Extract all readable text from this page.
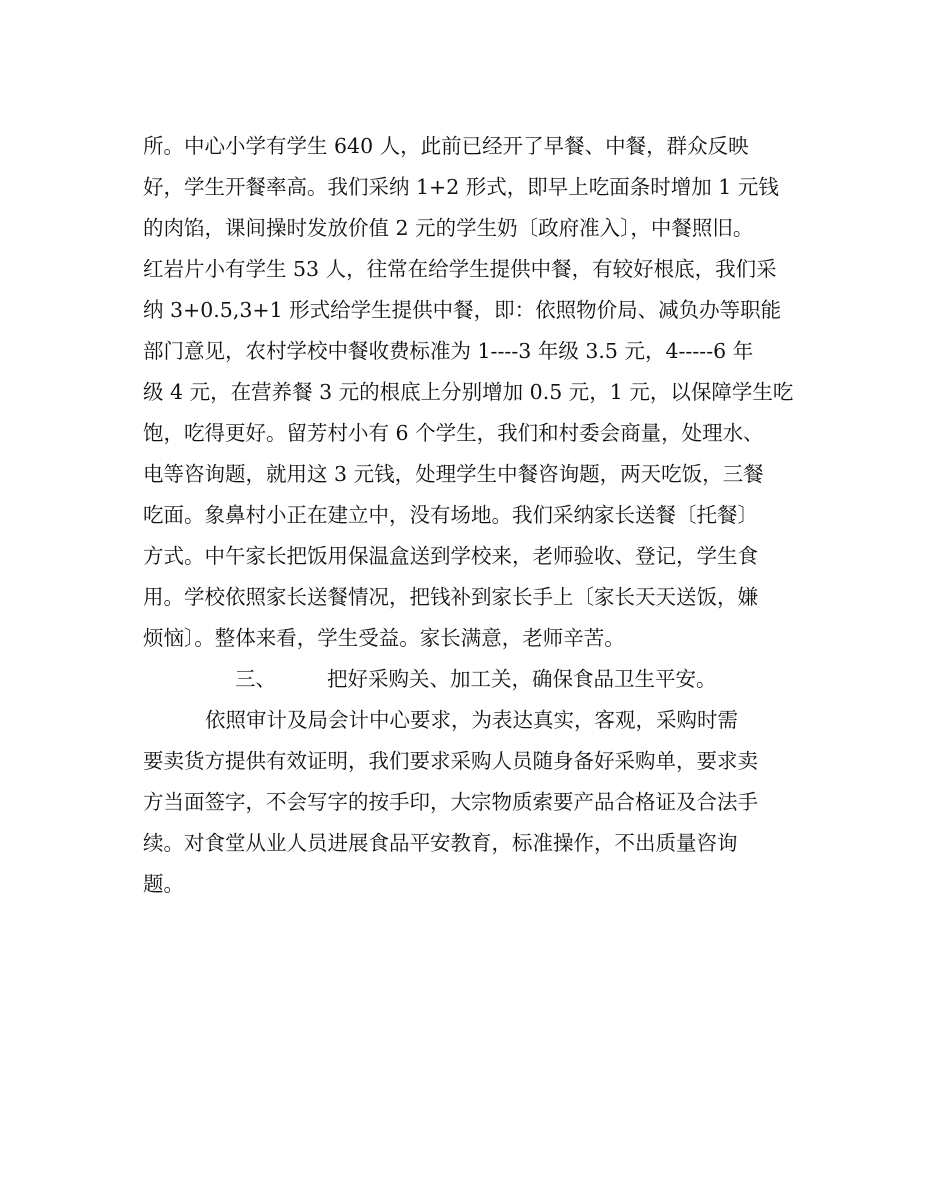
所。中心小学有学生 640 人，此前已经开了早餐、中餐，群众反映
好，学生开餐率高。我们采纳 1+2 形式，即早上吃面条时增加 1 元钱
的肉馅，课间操时发放价值 2 元的学生奶〔政府准入〕，中餐照旧。
红岩片小有学生 53 人，往常在给学生提供中餐，有较好根底，我们采
纳 3+0.5,3+1 形式给学生提供中餐，即：依照物价局、减负办等职能
部门意见，农村学校中餐收费标准为 1----3 年级 3.5 元，4-----6 年
级 4 元，在营养餐 3 元的根底上分别增加 0.5 元，1 元，以保障学生吃
饱，吃得更好。留芳村小有 6 个学生，我们和村委会商量，处理水、
电等咨询题，就用这 3 元钱，处理学生中餐咨询题，两天吃饭，三餐
吃面。象鼻村小正在建立中，没有场地。我们采纳家长送餐〔托餐〕
方式。中午家长把饭用保温盒送到学校来，老师验收、登记，学生食
用。学校依照家长送餐情况，把钱补到家长手上〔家长天天送饭，嫌
烦恼〕。整体来看，学生受益。家长满意，老师辛苦。
三、 把好采购关、加工关，确保食品卫生平安。
依照审计及局会计中心要求，为表达真实，客观，采购时需
要卖货方提供有效证明，我们要求采购人员随身备好采购单，要求卖
方当面签字，不会写字的按手印，大宗物质索要产品合格证及合法手
续。对食堂从业人员进展食品平安教育，标准操作，不出质量咨询
题。
